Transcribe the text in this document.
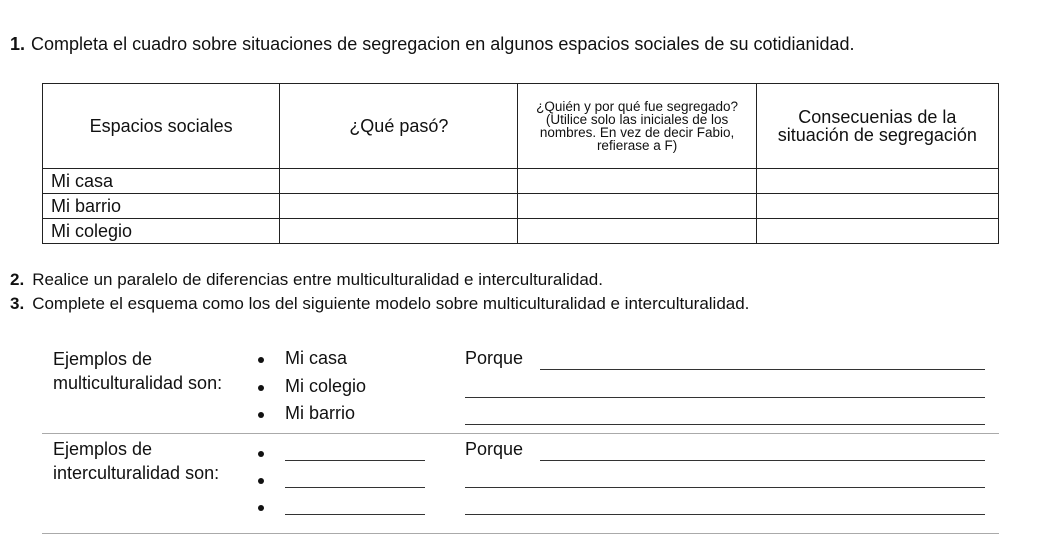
1. Completa el cuadro sobre situaciones de segregacion en algunos espacios sociales de su cotidianidad.
Espacios sociales	¿Qué pasó?	¿Quién y por qué fue segregado? (Utilice solo las iniciales de los nombres. En vez de decir Fabio, refierase a F)	Consecuenias de la situación de segregación
Mi casa			
Mi barrio			
Mi colegio			
2. Realice un paralelo de diferencias entre multiculturalidad e interculturalidad.
3. Complete el esquema como los del siguiente modelo sobre multiculturalidad e interculturalidad.
Ejemplos de multiculturalidad son:
Mi casa
Mi colegio
Mi barrio
Porque
Ejemplos de interculturalidad son:
Porque
